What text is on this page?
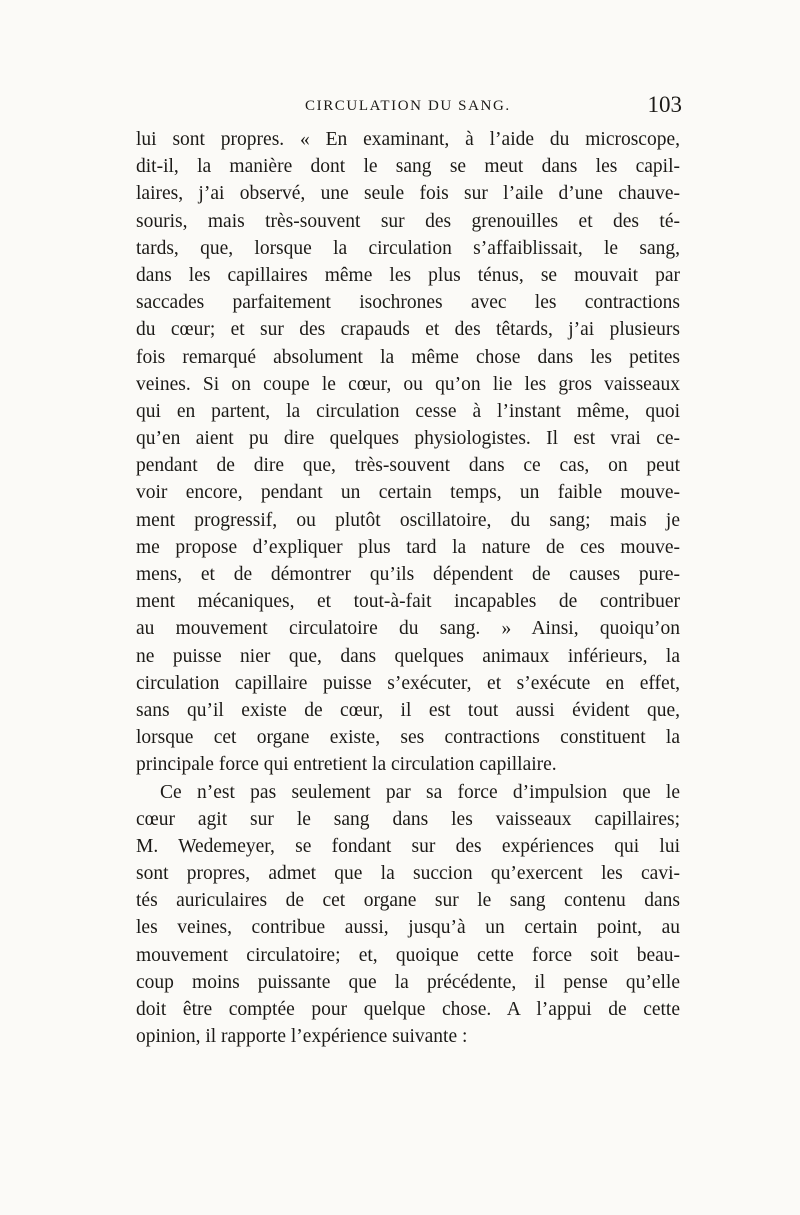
CIRCULATION DU SANG.	103
lui sont propres. « En examinant, à l’aide du microscope,
dit-il, la manière dont le sang se meut dans les capil-
laires, j’ai observé, une seule fois sur l’aile d’une chauve-
souris, mais très-souvent sur des grenouilles et des té-
tards, que, lorsque la circulation s’affaiblissait, le sang,
dans les capillaires même les plus ténus, se mouvait par
saccades parfaitement isochrones avec les contractions
du cœur; et sur des crapauds et des têtards, j’ai plusieurs
fois remarqué absolument la même chose dans les petites
veines. Si on coupe le cœur, ou qu’on lie les gros vaisseaux
qui en partent, la circulation cesse à l’instant même, quoi
qu’en aient pu dire quelques physiologistes. Il est vrai ce-
pendant de dire que, très-souvent dans ce cas, on peut
voir encore, pendant un certain temps, un faible mouve-
ment progressif, ou plutôt oscillatoire, du sang; mais je
me propose d’expliquer plus tard la nature de ces mouve-
mens, et de démontrer qu’ils dépendent de causes pure-
ment mécaniques, et tout-à-fait incapables de contribuer
au mouvement circulatoire du sang. » Ainsi, quoiqu’on
ne puisse nier que, dans quelques animaux inférieurs, la
circulation capillaire puisse s’exécuter, et s’exécute en effet,
sans qu’il existe de cœur, il est tout aussi évident que,
lorsque cet organe existe, ses contractions constituent la
principale force qui entretient la circulation capillaire.
Ce n’est pas seulement par sa force d’impulsion que le
cœur agit sur le sang dans les vaisseaux capillaires;
M. Wedemeyer, se fondant sur des expériences qui lui
sont propres, admet que la succion qu’exercent les cavi-
tés auriculaires de cet organe sur le sang contenu dans
les veines, contribue aussi, jusqu’à un certain point, au
mouvement circulatoire; et, quoique cette force soit beau-
coup moins puissante que la précédente, il pense qu’elle
doit être comptée pour quelque chose. A l’appui de cette
opinion, il rapporte l’expérience suivante :
